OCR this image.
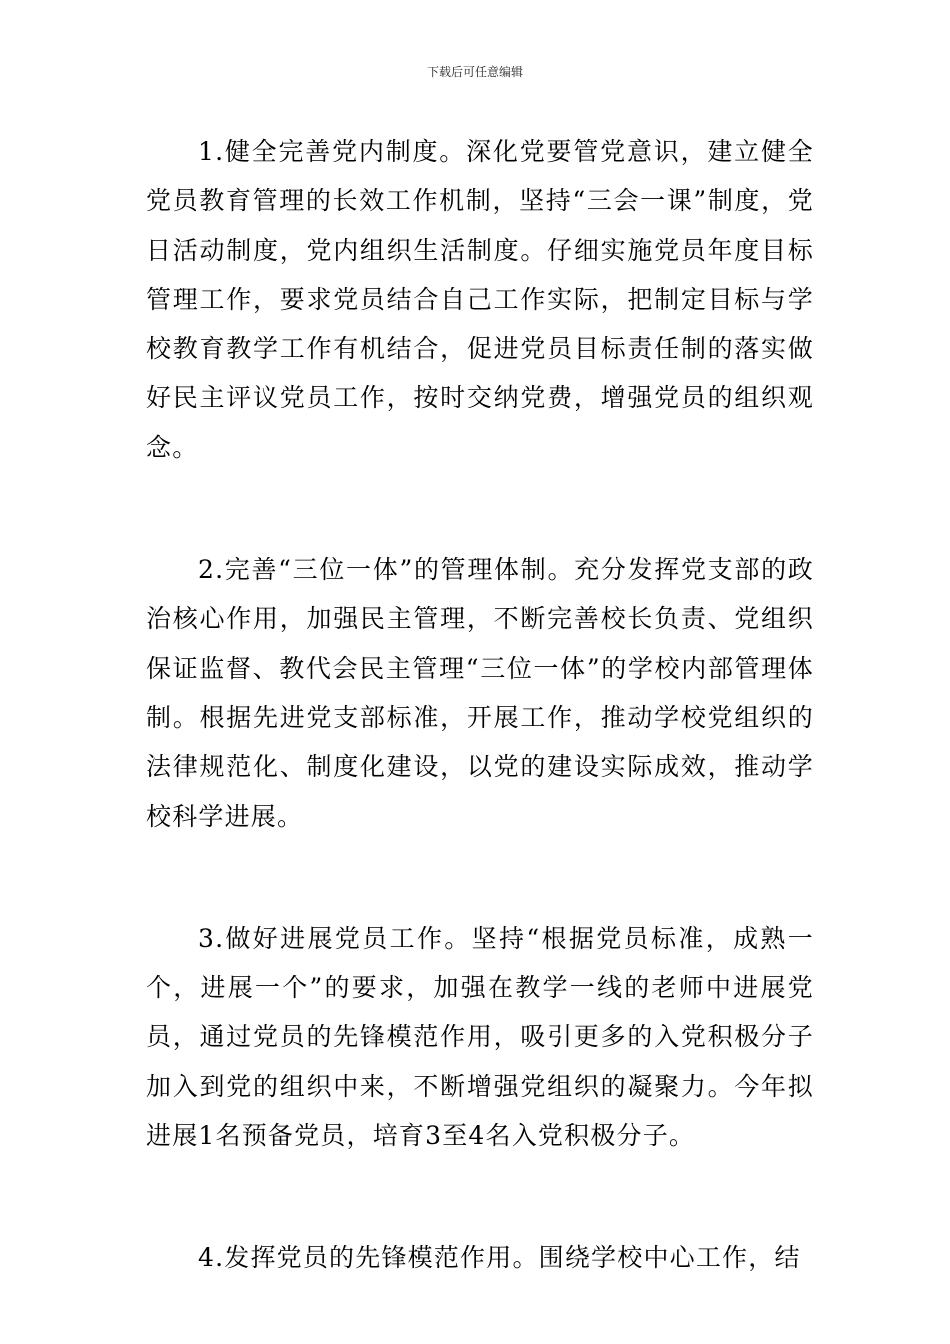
下载后可任意编辑

1.健全完善党内制度。深化党要管党意识，建立健全党员教育管理的长效工作机制，坚持“三会一课”制度，党日活动制度，党内组织生活制度。仔细实施党员年度目标管理工作，要求党员结合自己工作实际，把制定目标与学校教育教学工作有机结合，促进党员目标责任制的落实做好民主评议党员工作，按时交纳党费，增强党员的组织观念。

2.完善“三位一体”的管理体制。充分发挥党支部的政治核心作用，加强民主管理，不断完善校长负责、党组织保证监督、教代会民主管理“三位一体”的学校内部管理体制。根据先进党支部标准，开展工作，推动学校党组织的法律规范化、制度化建设，以党的建设实际成效，推动学校科学进展。

3.做好进展党员工作。坚持“根据党员标准，成熟一个，进展一个”的要求，加强在教学一线的老师中进展党员，通过党员的先锋模范作用，吸引更多的入党积极分子加入到党的组织中来，不断增强党组织的凝聚力。今年拟进展1名预备党员，培育3至4名入党积极分子。

4.发挥党员的先锋模范作用。围绕学校中心工作，结
